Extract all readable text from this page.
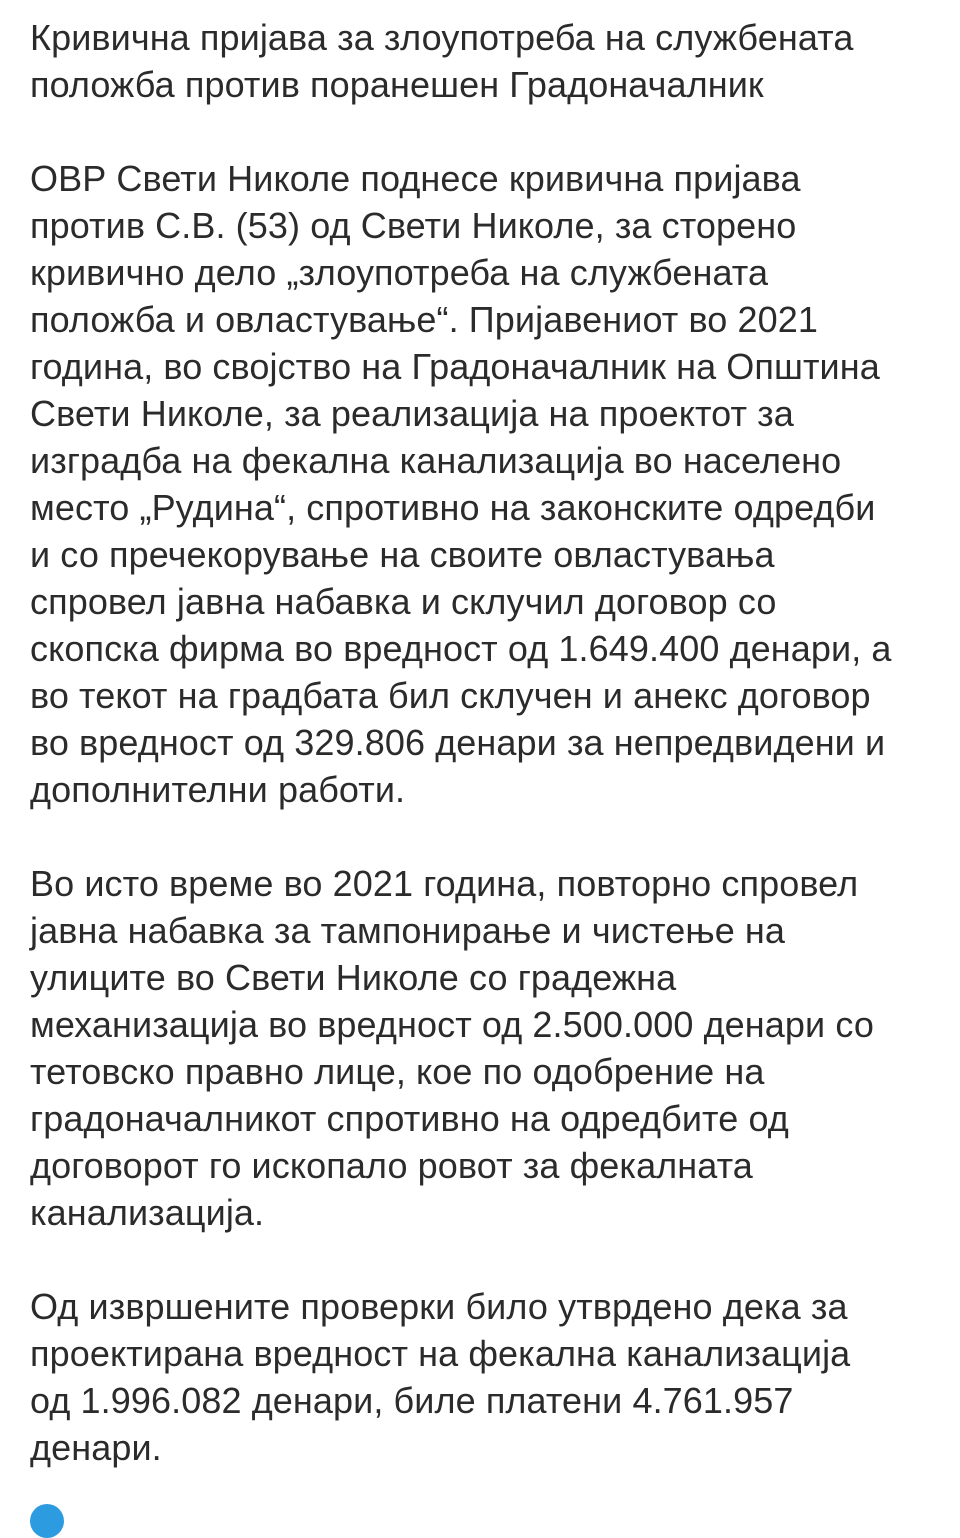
Кривична пријава за злоупотреба на службената
положба против поранешен Градоначалник

ОВР Свети Николе поднесе кривична пријава
против С.В. (53) од Свети Николе, за сторено
кривично дело „злоупотреба на службената
положба и овластување“. Пријавениот во 2021
година, во својство на Градоначалник на Општина
Свети Николе, за реализација на проектот за
изградба на фекална канализација во населено
место „Рудина“, спротивно на законските одредби
и со пречекорување на своите овластувања
спровел јавна набавка и склучил договор со
скопска фирма во вредност од 1.649.400 денари, а
во текот на градбата бил склучен и анекс договор
во вредност од 329.806 денари за непредвидени и
дополнителни работи.

Во исто време во 2021 година, повторно спровел
јавна набавка за тампонирање и чистење на
улиците во Свети Николе со градежна
механизација во вредност од 2.500.000 денари со
тетовско правно лице, кое по одобрение на
градоначалникот спротивно на одредбите од
договорот го ископало ровот за фекалната
канализација.

Од извршените проверки било утврдено дека за
проектирана вредност на фекална канализација
од 1.996.082 денари, биле платени 4.761.957
денари.
